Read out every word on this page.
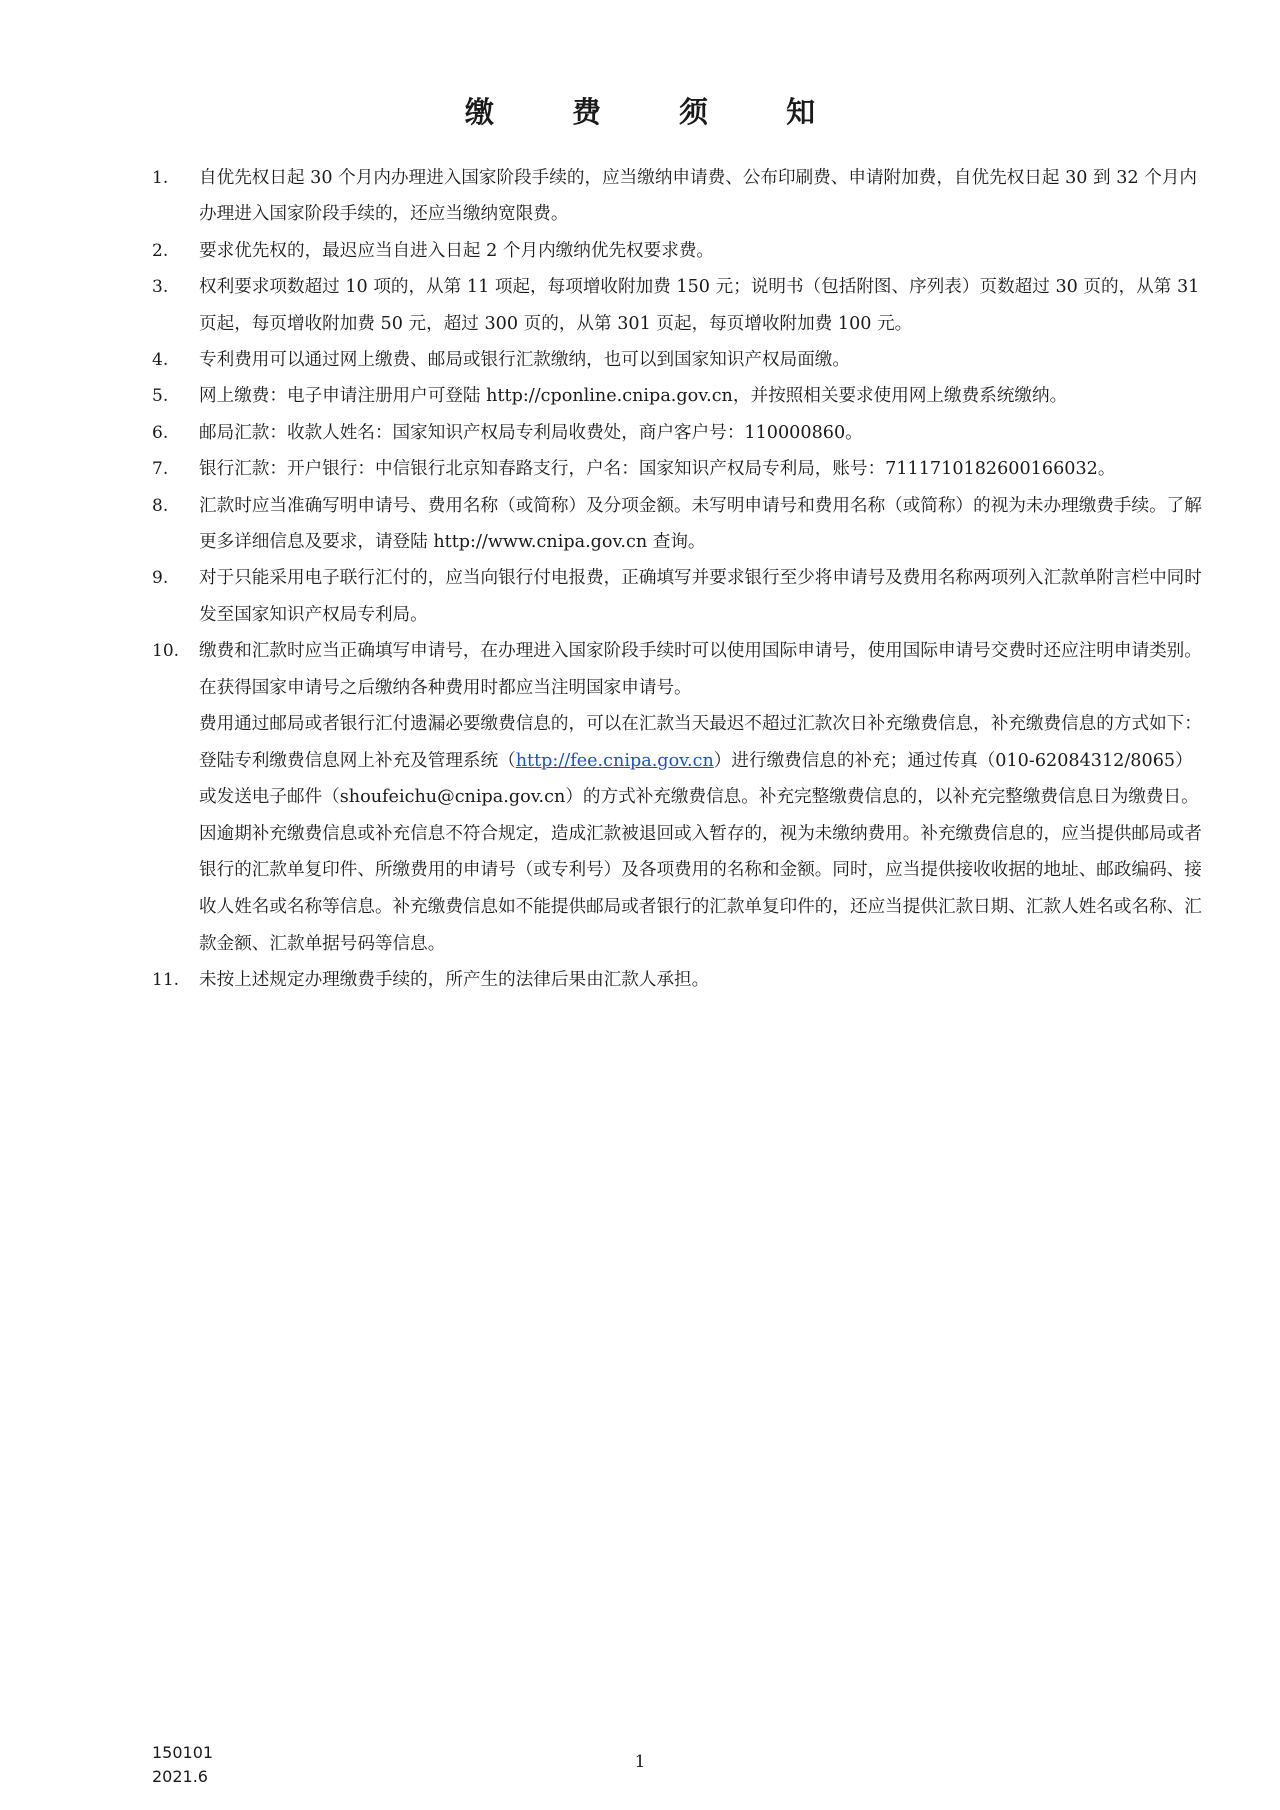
缴 费 须 知
1. 自优先权日起 30 个月内办理进入国家阶段手续的，应当缴纳申请费、公布印刷费、申请附加费，自优先权日起 30 到 32 个月内办理进入国家阶段手续的，还应当缴纳宽限费。
2. 要求优先权的，最迟应当自进入日起 2 个月内缴纳优先权要求费。
3. 权利要求项数超过 10 项的，从第 11 项起，每项增收附加费 150 元；说明书（包括附图、序列表）页数超过 30 页的，从第 31 页起，每页增收附加费 50 元，超过 300 页的，从第 301 页起，每页增收附加费 100 元。
4. 专利费用可以通过网上缴费、邮局或银行汇款缴纳，也可以到国家知识产权局面缴。
5. 网上缴费：电子申请注册用户可登陆 http://cponline.cnipa.gov.cn，并按照相关要求使用网上缴费系统缴纳。
6. 邮局汇款：收款人姓名：国家知识产权局专利局收费处，商户客户号：110000860。
7. 银行汇款：开户银行：中信银行北京知春路支行，户名：国家知识产权局专利局，账号：7111710182600166032。
8. 汇款时应当准确写明申请号、费用名称（或简称）及分项金额。未写明申请号和费用名称（或简称）的视为未办理缴费手续。了解更多详细信息及要求，请登陆 http://www.cnipa.gov.cn 查询。
9. 对于只能采用电子联行汇付的，应当向银行付电报费，正确填写并要求银行至少将申请号及费用名称两项列入汇款单附言栏中同时发至国家知识产权局专利局。
10. 缴费和汇款时应当正确填写申请号，在办理进入国家阶段手续时可以使用国际申请号，使用国际申请号交费时还应注明申请类别。在获得国家申请号之后缴纳各种费用时都应当注明国家申请号。
费用通过邮局或者银行汇付遗漏必要缴费信息的，可以在汇款当天最迟不超过汇款次日补充缴费信息，补充缴费信息的方式如下：登陆专利缴费信息网上补充及管理系统（http://fee.cnipa.gov.cn）进行缴费信息的补充；通过传真（010-62084312/8065）或发送电子邮件（shoufeichu@cnipa.gov.cn）的方式补充缴费信息。补充完整缴费信息的，以补充完整缴费信息日为缴费日。因逾期补充缴费信息或补充信息不符合规定，造成汇款被退回或入暂存的，视为未缴纳费用。补充缴费信息的，应当提供邮局或者银行的汇款单复印件、所缴费用的申请号（或专利号）及各项费用的名称和金额。同时，应当提供接收收据的地址、邮政编码、接收人姓名或名称等信息。补充缴费信息如不能提供邮局或者银行的汇款单复印件的，还应当提供汇款日期、汇款人姓名或名称、汇款金额、汇款单据号码等信息。
11. 未按上述规定办理缴费手续的，所产生的法律后果由汇款人承担。
150101
2021.6
1
